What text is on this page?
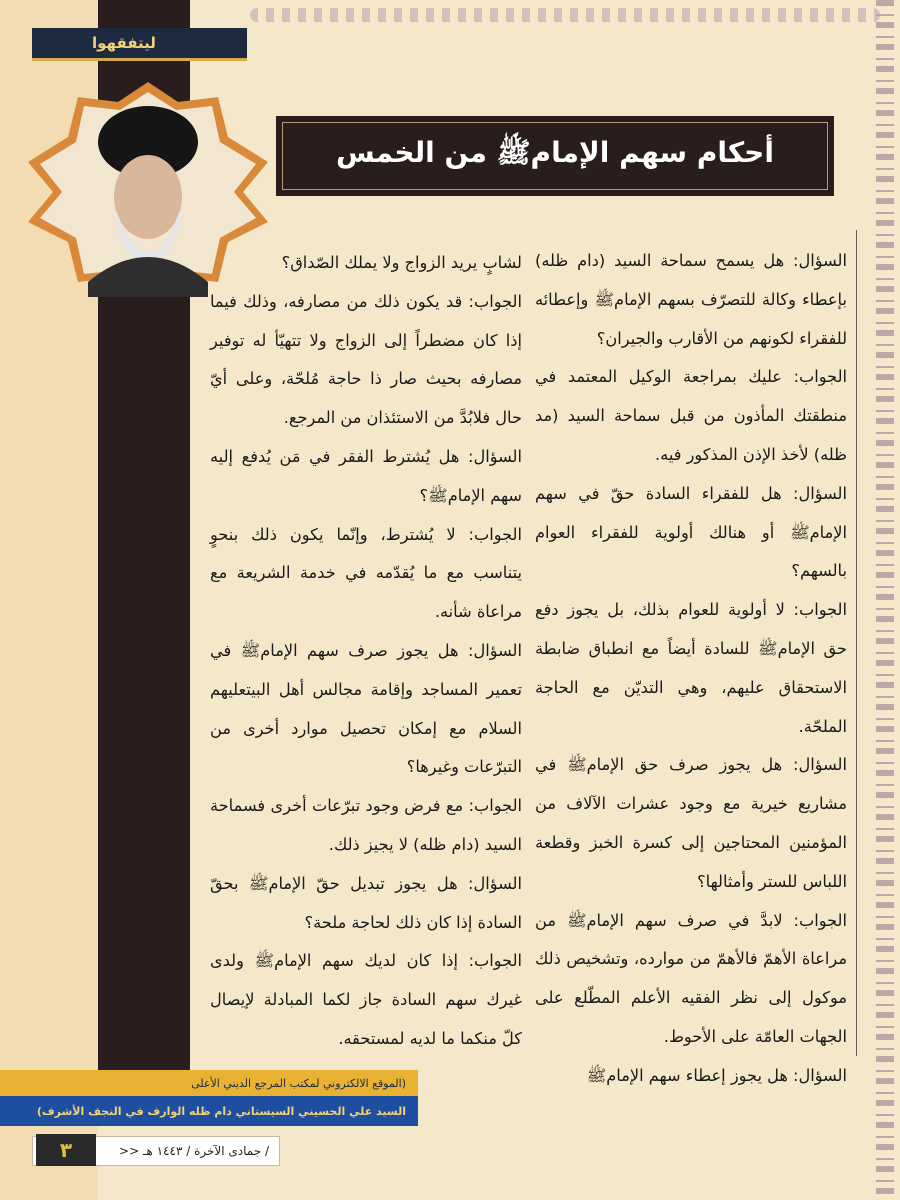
ليتفقهوا
أحكام سهم الإمامﷺ من الخمس

السؤال: هل يسمح سماحة السيد (دام ظله) بإعطاء وكالة للتصرّف بسهم الإمامﷺ وإعطائه للفقراء لكونهم من الأقارب والجيران؟

الجواب: عليك بمراجعة الوكيل المعتمد في منطقتك المأذون من قبل سماحة السيد (مد ظله) لأخذ الإذن المذكور فيه.

السؤال: هل للفقراء السادة حقّ في سهم الإمامﷺ أو هنالك أولوية للفقراء العوام بالسهم؟

الجواب: لا أولوية للعوام بذلك، بل يجوز دفع حق الإمامﷺ للسادة أيضاً مع انطباق ضابطة الاستحقاق عليهم، وهي التديّن مع الحاجة الملحّة.

السؤال: هل يجوز صرف حق الإمامﷺ في مشاريع خيرية مع وجود عشرات الآلاف من المؤمنين المحتاجين إلى كسرة الخبز وقطعة اللباس للستر وأمثالها؟

الجواب: لابدَّ في صرف سهم الإمامﷺ من مراعاة الأهمّ فالأهمّ من موارده، وتشخيص ذلك موكول إلى نظر الفقيه الأعلم المطّلع على الجهات العامّة على الأحوط.

السؤال: هل يجوز إعطاء سهم الإمامﷺ

لشابٍ يريد الزواج ولا يملك الصّداق؟

الجواب: قد يكون ذلك من مصارفه، وذلك فيما إذا كان مضطراً إلى الزواج ولا تتهيّأ له توفير مصارفه بحيث صار ذا حاجة مُلحّة، وعلى أيّ حال فلابُدَّ من الاستئذان من المرجع.

السؤال: هل يُشترط الفقر في مَن يُدفع إليه سهم الإمامﷺ؟

الجواب: لا يُشترط، وإنّما يكون ذلك بنحوٍ يتناسب مع ما يُقدّمه في خدمة الشريعة مع مراعاة شأنه.

السؤال: هل يجوز صرف سهم الإمامﷺ في تعمير المساجد وإقامة مجالس أهل البيتعليهم السلام مع إمكان تحصيل موارد أخرى من التبرّعات وغيرها؟

الجواب: مع فرض وجود تبرّعات أخرى فسماحة السيد (دام ظله) لا يجيز ذلك.

السؤال: هل يجوز تبديل حقّ الإمامﷺ بحقّ السادة إذا كان ذلك لحاجة ملحة؟

الجواب: إذا كان لديك سهم الإمامﷺ ولدى غيرك سهم السادة جاز لكما المبادلة لإيصال كلّ منكما ما لديه لمستحقه.

(الموقع الالكتروني لمكتب المرجع الديني الأعلى
السيد علي الحسيني السيستاني دام ظله الوارف في النجف الأشرف)
/ جمادى الآخرة / ١٤٤٣ هـ <<
٣
